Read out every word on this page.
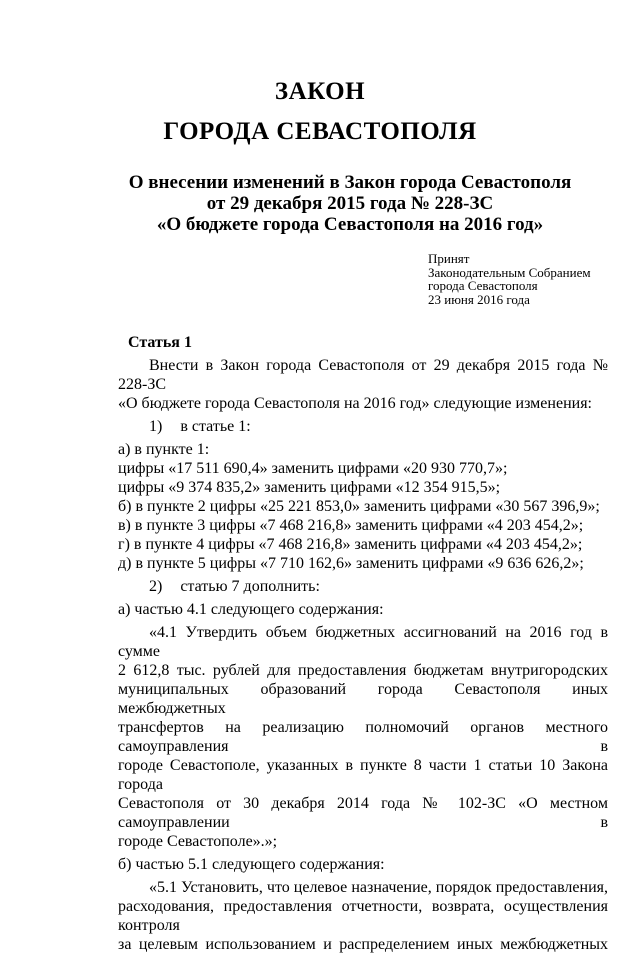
ЗАКОН
ГОРОДА СЕВАСТОПОЛЯ
О внесении изменений в Закон города Севастополя
от 29 декабря 2015 года № 228-ЗС
«О бюджете города Севастополя на 2016 год»
Принят
Законодательным Собранием
города Севастополя
23 июня 2016 года
Статья 1

Внести в Закон города Севастополя от 29 декабря 2015 года № 228-ЗС

«О бюджете города Севастополя на 2016 год» следующие изменения:

1) в статье 1:

а) в пункте 1:

цифры «17 511 690,4» заменить цифрами «20 930 770,7»;

цифры «9 374 835,2» заменить цифрами «12 354 915,5»;

б) в пункте 2 цифры «25 221 853,0» заменить цифрами «30 567 396,9»;

в) в пункте 3 цифры «7 468 216,8» заменить цифрами «4 203 454,2»;

г) в пункте 4 цифры «7 468 216,8» заменить цифрами «4 203 454,2»;

д) в пункте 5 цифры «7 710 162,6» заменить цифрами «9 636 626,2»;

2) статью 7 дополнить:

а) частью 4.1 следующего содержания:

«4.1 Утвердить объем бюджетных ассигнований на 2016 год в сумме

2 612,8 тыс. рублей для предоставления бюджетам внутригородских

муниципальных образований города Севастополя иных межбюджетных

трансфертов на реализацию полномочий органов местного самоуправления в

городе Севастополе, указанных в пункте 8 части 1 статьи 10 Закона города

Севастополя от 30 декабря 2014 года № 102-ЗС «О местном самоуправлении в

городе Севастополе».»;

б) частью 5.1 следующего содержания:

«5.1 Установить, что целевое назначение, порядок предоставления,

расходования, предоставления отчетности, возврата, осуществления контроля

за целевым использованием и распределением иных межбюджетных
